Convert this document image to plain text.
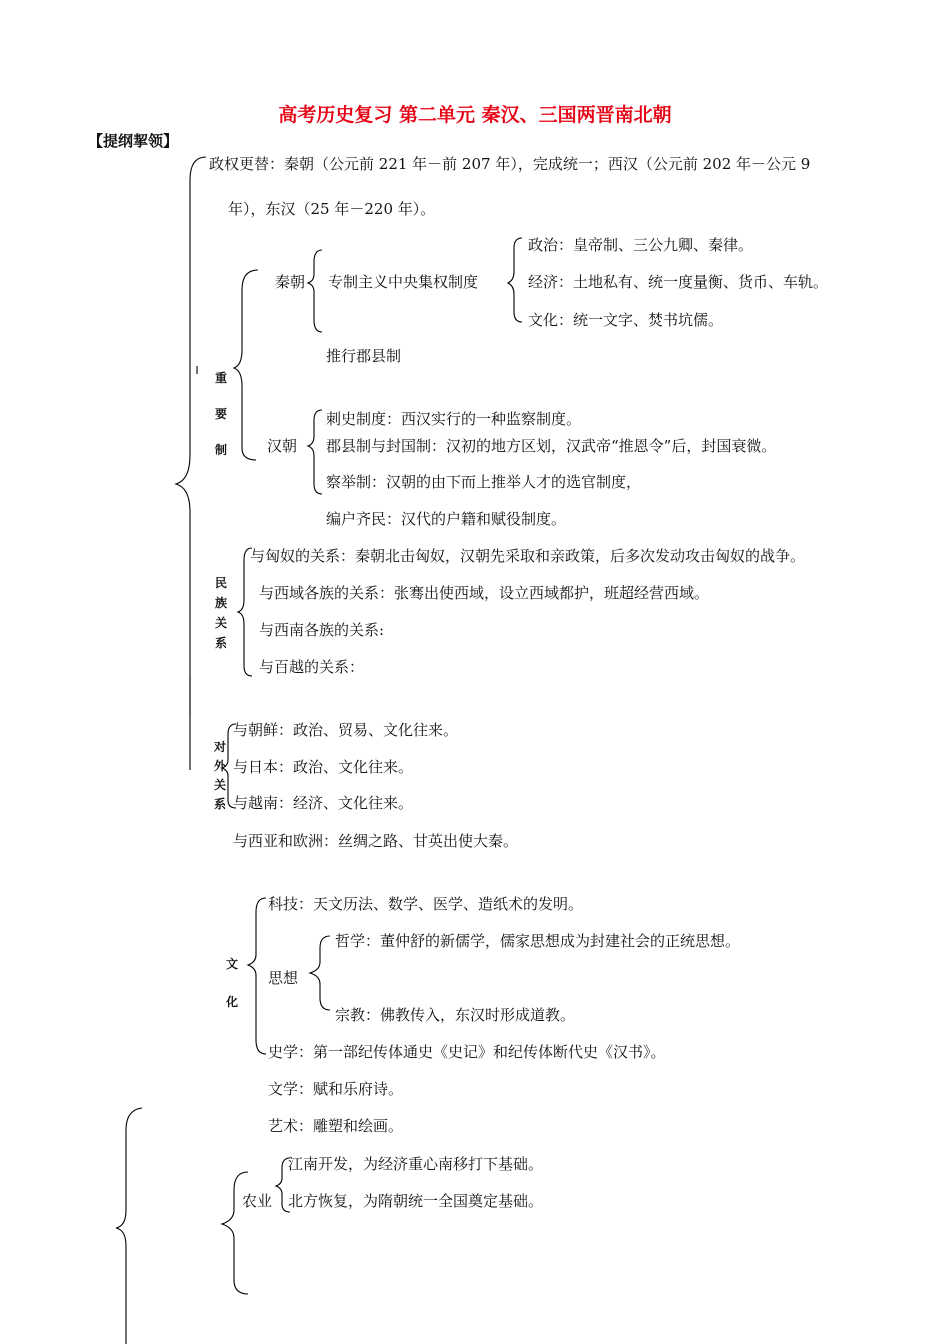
高考历史复习 第二单元 秦汉、三国两晋南北朝
【提纲挈领】
政权更替：秦朝（公元前 221 年－前 207 年），完成统一；西汉（公元前 202 年－公元 9
年），东汉（25 年－220 年）。
重要制
秦朝 专制主义中央集权制度
政治：皇帝制、三公九卿、秦律。
经济：土地私有、统一度量衡、货币、车轨。
文化：统一文字、焚书坑儒。
推行郡县制
汉朝
刺史制度：西汉实行的一种监察制度。
郡县制与封国制：汉初的地方区划，汉武帝“推恩令”后，封国衰微。
察举制：汉朝的由下而上推举人才的选官制度，
编户齐民：汉代的户籍和赋役制度。
民族关系
与匈奴的关系：秦朝北击匈奴，汉朝先采取和亲政策，后多次发动攻击匈奴的战争。
与西域各族的关系：张骞出使西域，设立西域都护，班超经营西域。
与西南各族的关系:
与百越的关系：
对外关系
与朝鲜：政治、贸易、文化往来。
与日本：政治、文化往来。
与越南：经济、文化往来。
与西亚和欧洲：丝绸之路、甘英出使大秦。
文化
科技：天文历法、数学、医学、造纸术的发明。
思想
哲学：董仲舒的新儒学，儒家思想成为封建社会的正统思想。
宗教：佛教传入，东汉时形成道教。
史学：第一部纪传体通史《史记》和纪传体断代史《汉书》。
文学：赋和乐府诗。
艺术：雕塑和绘画。
农业
江南开发，为经济重心南移打下基础。
北方恢复，为隋朝统一全国奠定基础。
